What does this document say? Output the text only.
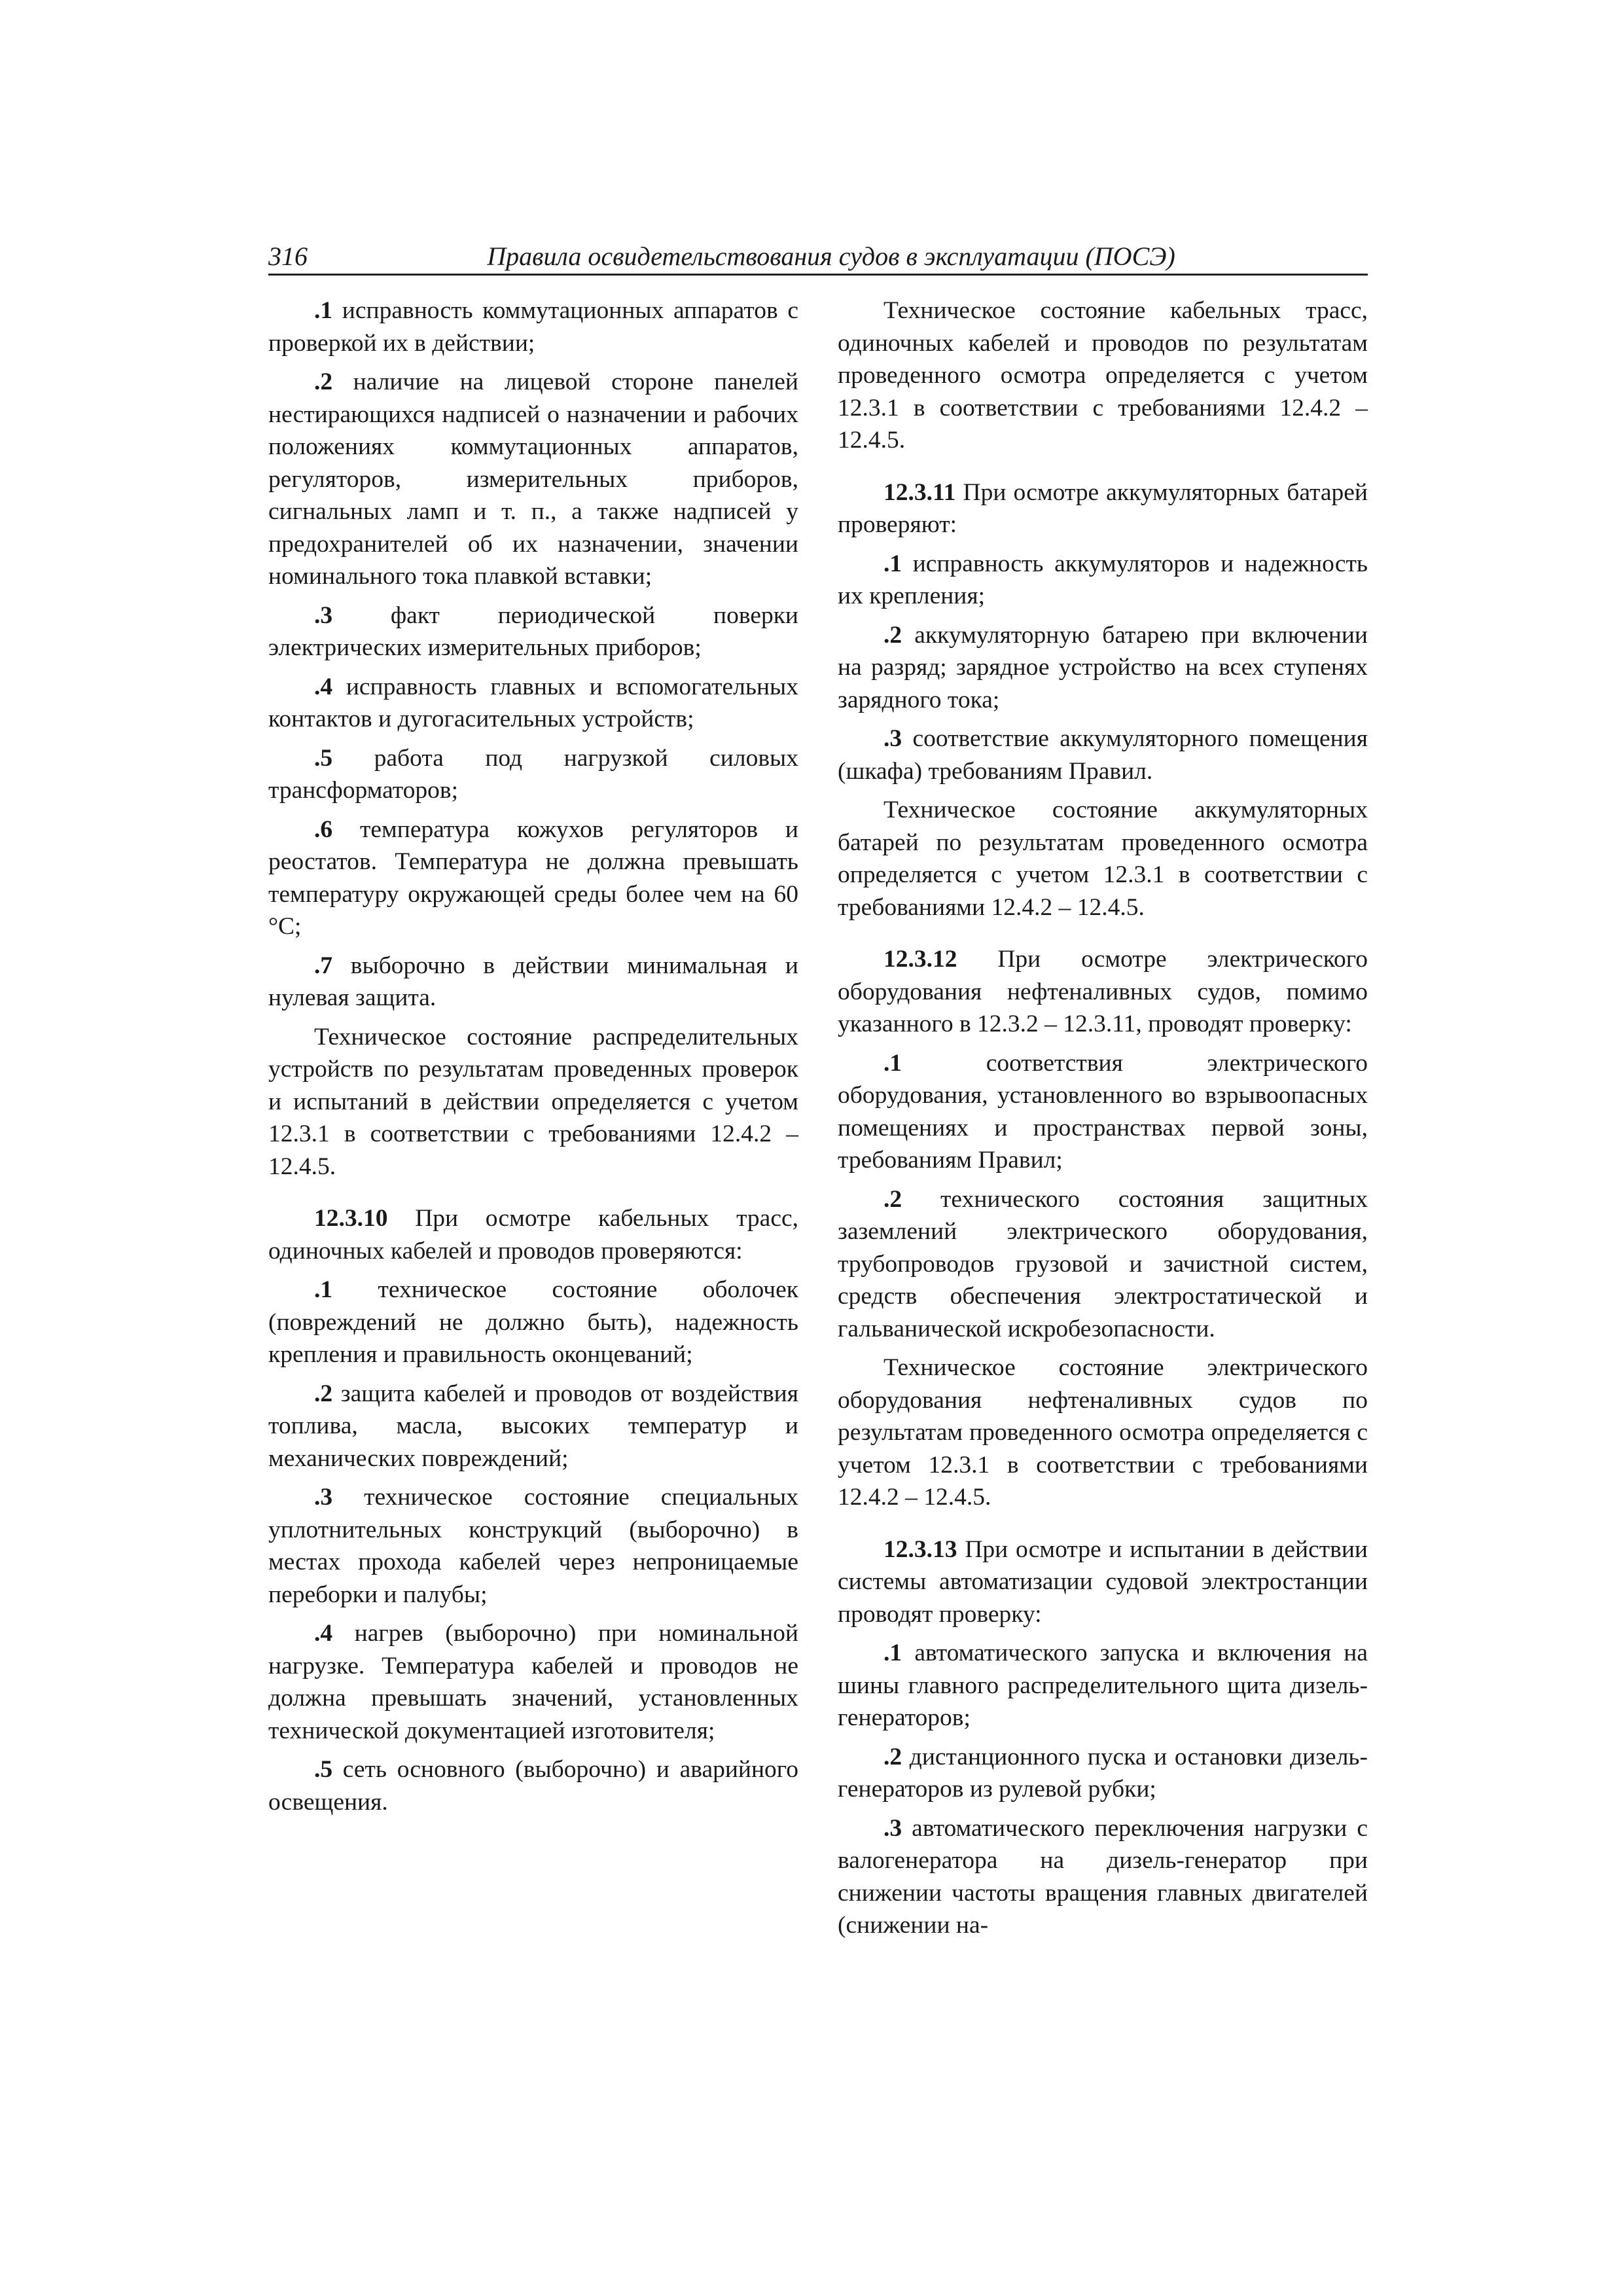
316	Правила освидетельствования судов в эксплуатации (ПОСЭ)

.1 исправность коммутационных аппаратов с проверкой их в действии;

.2 наличие на лицевой стороне панелей нестирающихся надписей о назначении и рабочих положениях коммутационных аппаратов, регуляторов, измерительных приборов, сигнальных ламп и т. п., а также надписей у предохранителей об их назначении, значении номинального тока плавкой вставки;

.3 факт периодической поверки электрических измерительных приборов;

.4 исправность главных и вспомогательных контактов и дугогасительных устройств;

.5 работа под нагрузкой силовых трансформаторов;

.6 температура кожухов регуляторов и реостатов. Температура не должна превышать температуру окружающей среды более чем на 60 °С;

.7 выборочно в действии минимальная и нулевая защита.

Техническое состояние распределительных устройств по результатам проведенных проверок и испытаний в действии определяется с учетом 12.3.1 в соответствии с требованиями 12.4.2 – 12.4.5.

12.3.10 При осмотре кабельных трасс, одиночных кабелей и проводов проверяются:

.1 техническое состояние оболочек (повреждений не должно быть), надежность крепления и правильность оконцеваний;

.2 защита кабелей и проводов от воздействия топлива, масла, высоких температур и механических повреждений;

.3 техническое состояние специальных уплотнительных конструкций (выборочно) в местах прохода кабелей через непроницаемые переборки и палубы;

.4 нагрев (выборочно) при номинальной нагрузке. Температура кабелей и проводов не должна превышать значений, установленных технической документацией изготовителя;

.5 сеть основного (выборочно) и аварийного освещения.

Техническое состояние кабельных трасс, одиночных кабелей и проводов по результатам проведенного осмотра определяется с учетом 12.3.1 в соответствии с требованиями 12.4.2 – 12.4.5.

12.3.11 При осмотре аккумуляторных батарей проверяют:

.1 исправность аккумуляторов и надежность их крепления;

.2 аккумуляторную батарею при включении на разряд; зарядное устройство на всех ступенях зарядного тока;

.3 соответствие аккумуляторного помещения (шкафа) требованиям Правил.

Техническое состояние аккумуляторных батарей по результатам проведенного осмотра определяется с учетом 12.3.1 в соответствии с требованиями 12.4.2 – 12.4.5.

12.3.12 При осмотре электрического оборудования нефтеналивных судов, помимо указанного в 12.3.2 – 12.3.11, проводят проверку:

.1 соответствия электрического оборудования, установленного во взрывоопасных помещениях и пространствах первой зоны, требованиям Правил;

.2 технического состояния защитных заземлений электрического оборудования, трубопроводов грузовой и зачистной систем, средств обеспечения электростатической и гальванической искробезопасности.

Техническое состояние электрического оборудования нефтеналивных судов по результатам проведенного осмотра определяется с учетом 12.3.1 в соответствии с требованиями 12.4.2 – 12.4.5.

12.3.13 При осмотре и испытании в действии системы автоматизации судовой электростанции проводят проверку:

.1 автоматического запуска и включения на шины главного распределительного щита дизель-генераторов;

.2 дистанционного пуска и остановки дизель-генераторов из рулевой рубки;

.3 автоматического переключения нагрузки с валогенератора на дизель-генератор при снижении частоты вращения главных двигателей (снижении на-
